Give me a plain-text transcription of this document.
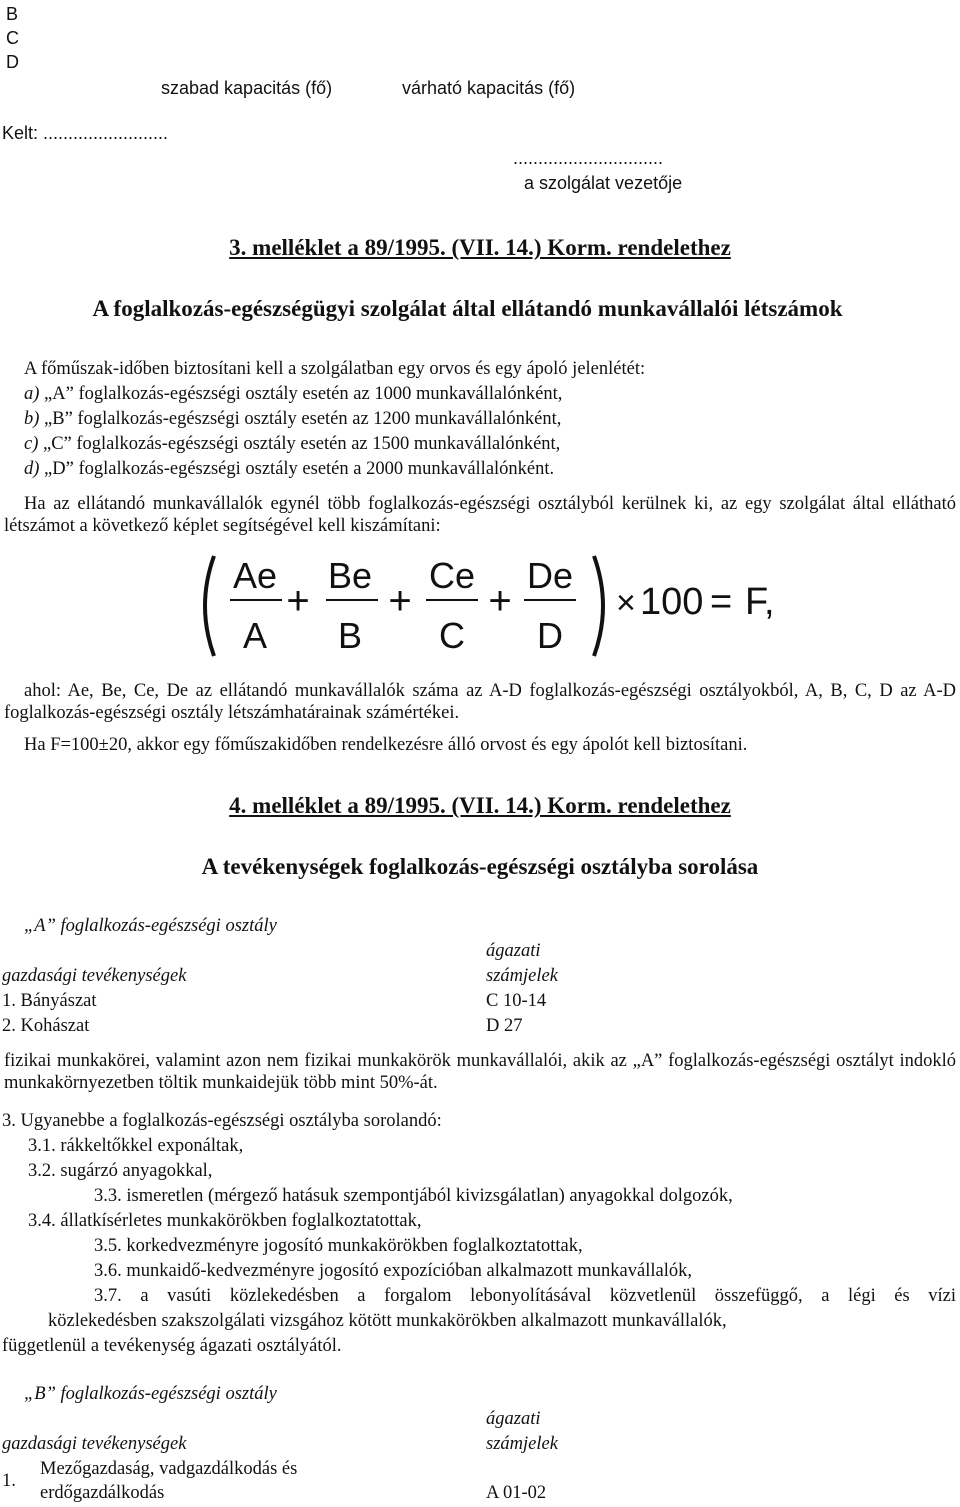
B
C
D
szabad kapacitás (fő)	várható kapacitás (fő)
Kelt: .........................
..............................
a szolgálat vezetője
3. melléklet a 89/1995. (VII. 14.) Korm. rendelethez
A foglalkozás-egészségügyi szolgálat által ellátandó munkavállalói létszámok
A főműszak-időben biztosítani kell a szolgálatban egy orvos és egy ápoló jelenlétét:
a) „A” foglalkozás-egészségi osztály esetén az 1000 munkavállalónként,
b) „B” foglalkozás-egészségi osztály esetén az 1200 munkavállalónként,
c) „C” foglalkozás-egészségi osztály esetén az 1500 munkavállalónként,
d) „D” foglalkozás-egészségi osztály esetén a 2000 munkavállalónként.
Ha az ellátandó munkavállalók egynél több foglalkozás-egészségi osztályból kerülnek ki, az egy szolgálat által ellátható létszámot a következő képlet segítségével kell kiszámítani:
Ae
A
+
Be
B
+
Ce
C
+
De
D
× 100 = F,
ahol: Ae, Be, Ce, De az ellátandó munkavállalók száma az A-D foglalkozás-egészségi osztályokból, A, B, C, D az A-D foglalkozás-egészségi osztály létszámhatárainak számértékei.
Ha F=100±20, akkor egy főműszakidőben rendelkezésre álló orvost és egy ápolót kell biztosítani.
4. melléklet a 89/1995. (VII. 14.) Korm. rendelethez
A tevékenységek foglalkozás-egészségi osztályba sorolása
„A” foglalkozás-egészségi osztály
ágazati
gazdasági tevékenységek	számjelek
1. Bányászat	C 10-14
2. Kohászat	D 27
fizikai munkakörei, valamint azon nem fizikai munkakörök munkavállalói, akik az „A” foglalkozás-egészségi osztályt indokló munkakörnyezetben töltik munkaidejük több mint 50%-át.
3. Ugyanebbe a foglalkozás-egészségi osztályba sorolandó:
3.1. rákkeltőkkel exponáltak,
3.2. sugárzó anyagokkal,
3.3. ismeretlen (mérgező hatásuk szempontjából kivizsgálatlan) anyagokkal dolgozók,
3.4. állatkísérletes munkakörökben foglalkoztatottak,
3.5. korkedvezményre jogosító munkakörökben foglalkoztatottak,
3.6. munkaidő-kedvezményre jogosító expozícióban alkalmazott munkavállalók,
3.7. a vasúti közlekedésben a forgalom lebonyolításával közvetlenül összefüggő, a légi és vízi
közlekedésben szakszolgálati vizsgához kötött munkakörökben alkalmazott munkavállalók,
függetlenül a tevékenység ágazati osztályától.
„B” foglalkozás-egészségi osztály
ágazati
gazdasági tevékenységek	számjelek
1.
Mezőgazdaság, vadgazdálkodás és
erdőgazdálkodás	A 01-02
